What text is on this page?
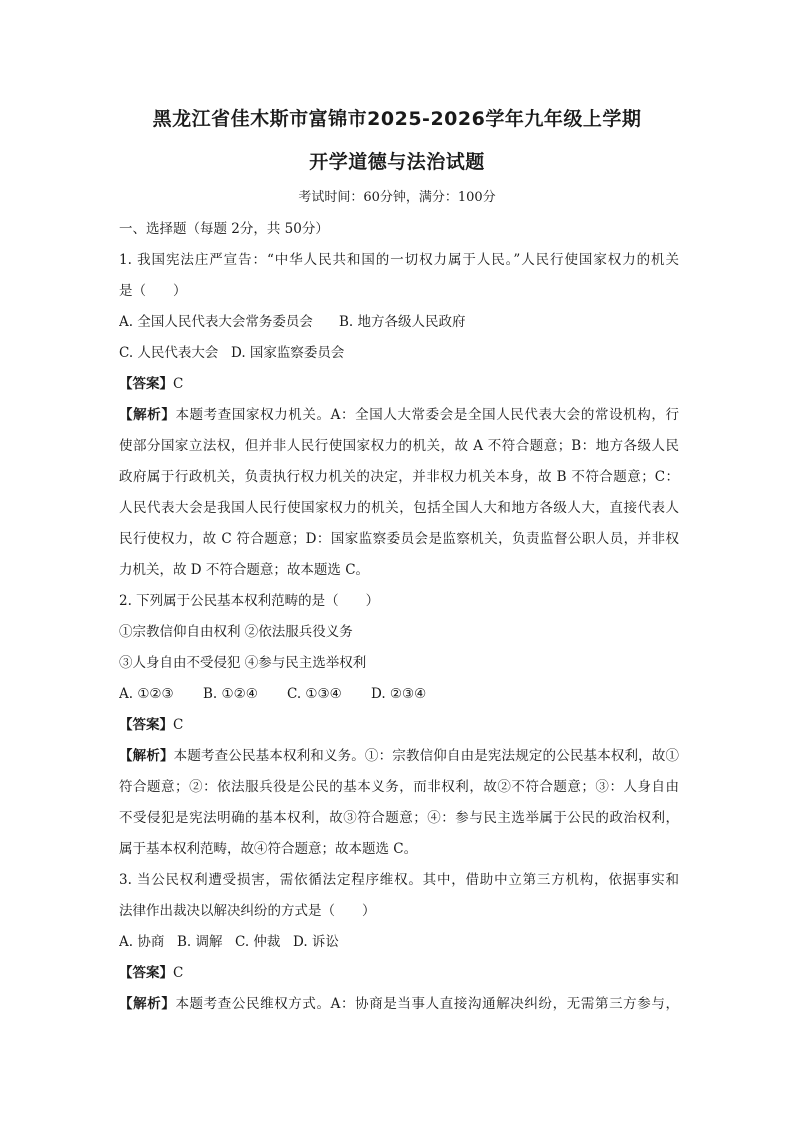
黑龙江省佳木斯市富锦市2025-2026学年九年级上学期
开学道德与法治试题
考试时间：60分钟，满分：100分
一、选择题（每题 2分，共 50分）
1. 我国宪法庄严宣告：“中华人民共和国的一切权力属于人民。”人民行使国家权力的机关
是（　　）
A. 全国人民代表大会常务委员会 B. 地方各级人民政府
C. 人民代表大会 D. 国家监察委员会
【答案】C
【解析】本题考查国家权力机关。A：全国人大常委会是全国人民代表大会的常设机构，行
使部分国家立法权，但并非人民行使国家权力的机关，故 A 不符合题意；B：地方各级人民
政府属于行政机关，负责执行权力机关的决定，并非权力机关本身，故 B 不符合题意；C：
人民代表大会是我国人民行使国家权力的机关，包括全国人大和地方各级人大，直接代表人
民行使权力，故 C 符合题意；D：国家监察委员会是监察机关，负责监督公职人员，并非权
力机关，故 D 不符合题意；故本题选 C。
2. 下列属于公民基本权利范畴的是（　　）
①宗教信仰自由权利 ②依法服兵役义务
③人身自由不受侵犯 ④参与民主选举权利
A. ①②③ B. ①②④ C. ①③④ D. ②③④
【答案】C
【解析】本题考查公民基本权利和义务。①：宗教信仰自由是宪法规定的公民基本权利，故①
符合题意；②：依法服兵役是公民的基本义务，而非权利，故②不符合题意；③：人身自由
不受侵犯是宪法明确的基本权利，故③符合题意；④：参与民主选举属于公民的政治权利，
属于基本权利范畴，故④符合题意；故本题选 C。
3. 当公民权利遭受损害，需依循法定程序维权。其中，借助中立第三方机构，依据事实和
法律作出裁决以解决纠纷的方式是（　　）
A. 协商 B. 调解 C. 仲裁 D. 诉讼
【答案】C
【解析】本题考查公民维权方式。A：协商是当事人直接沟通解决纠纷，无需第三方参与，
